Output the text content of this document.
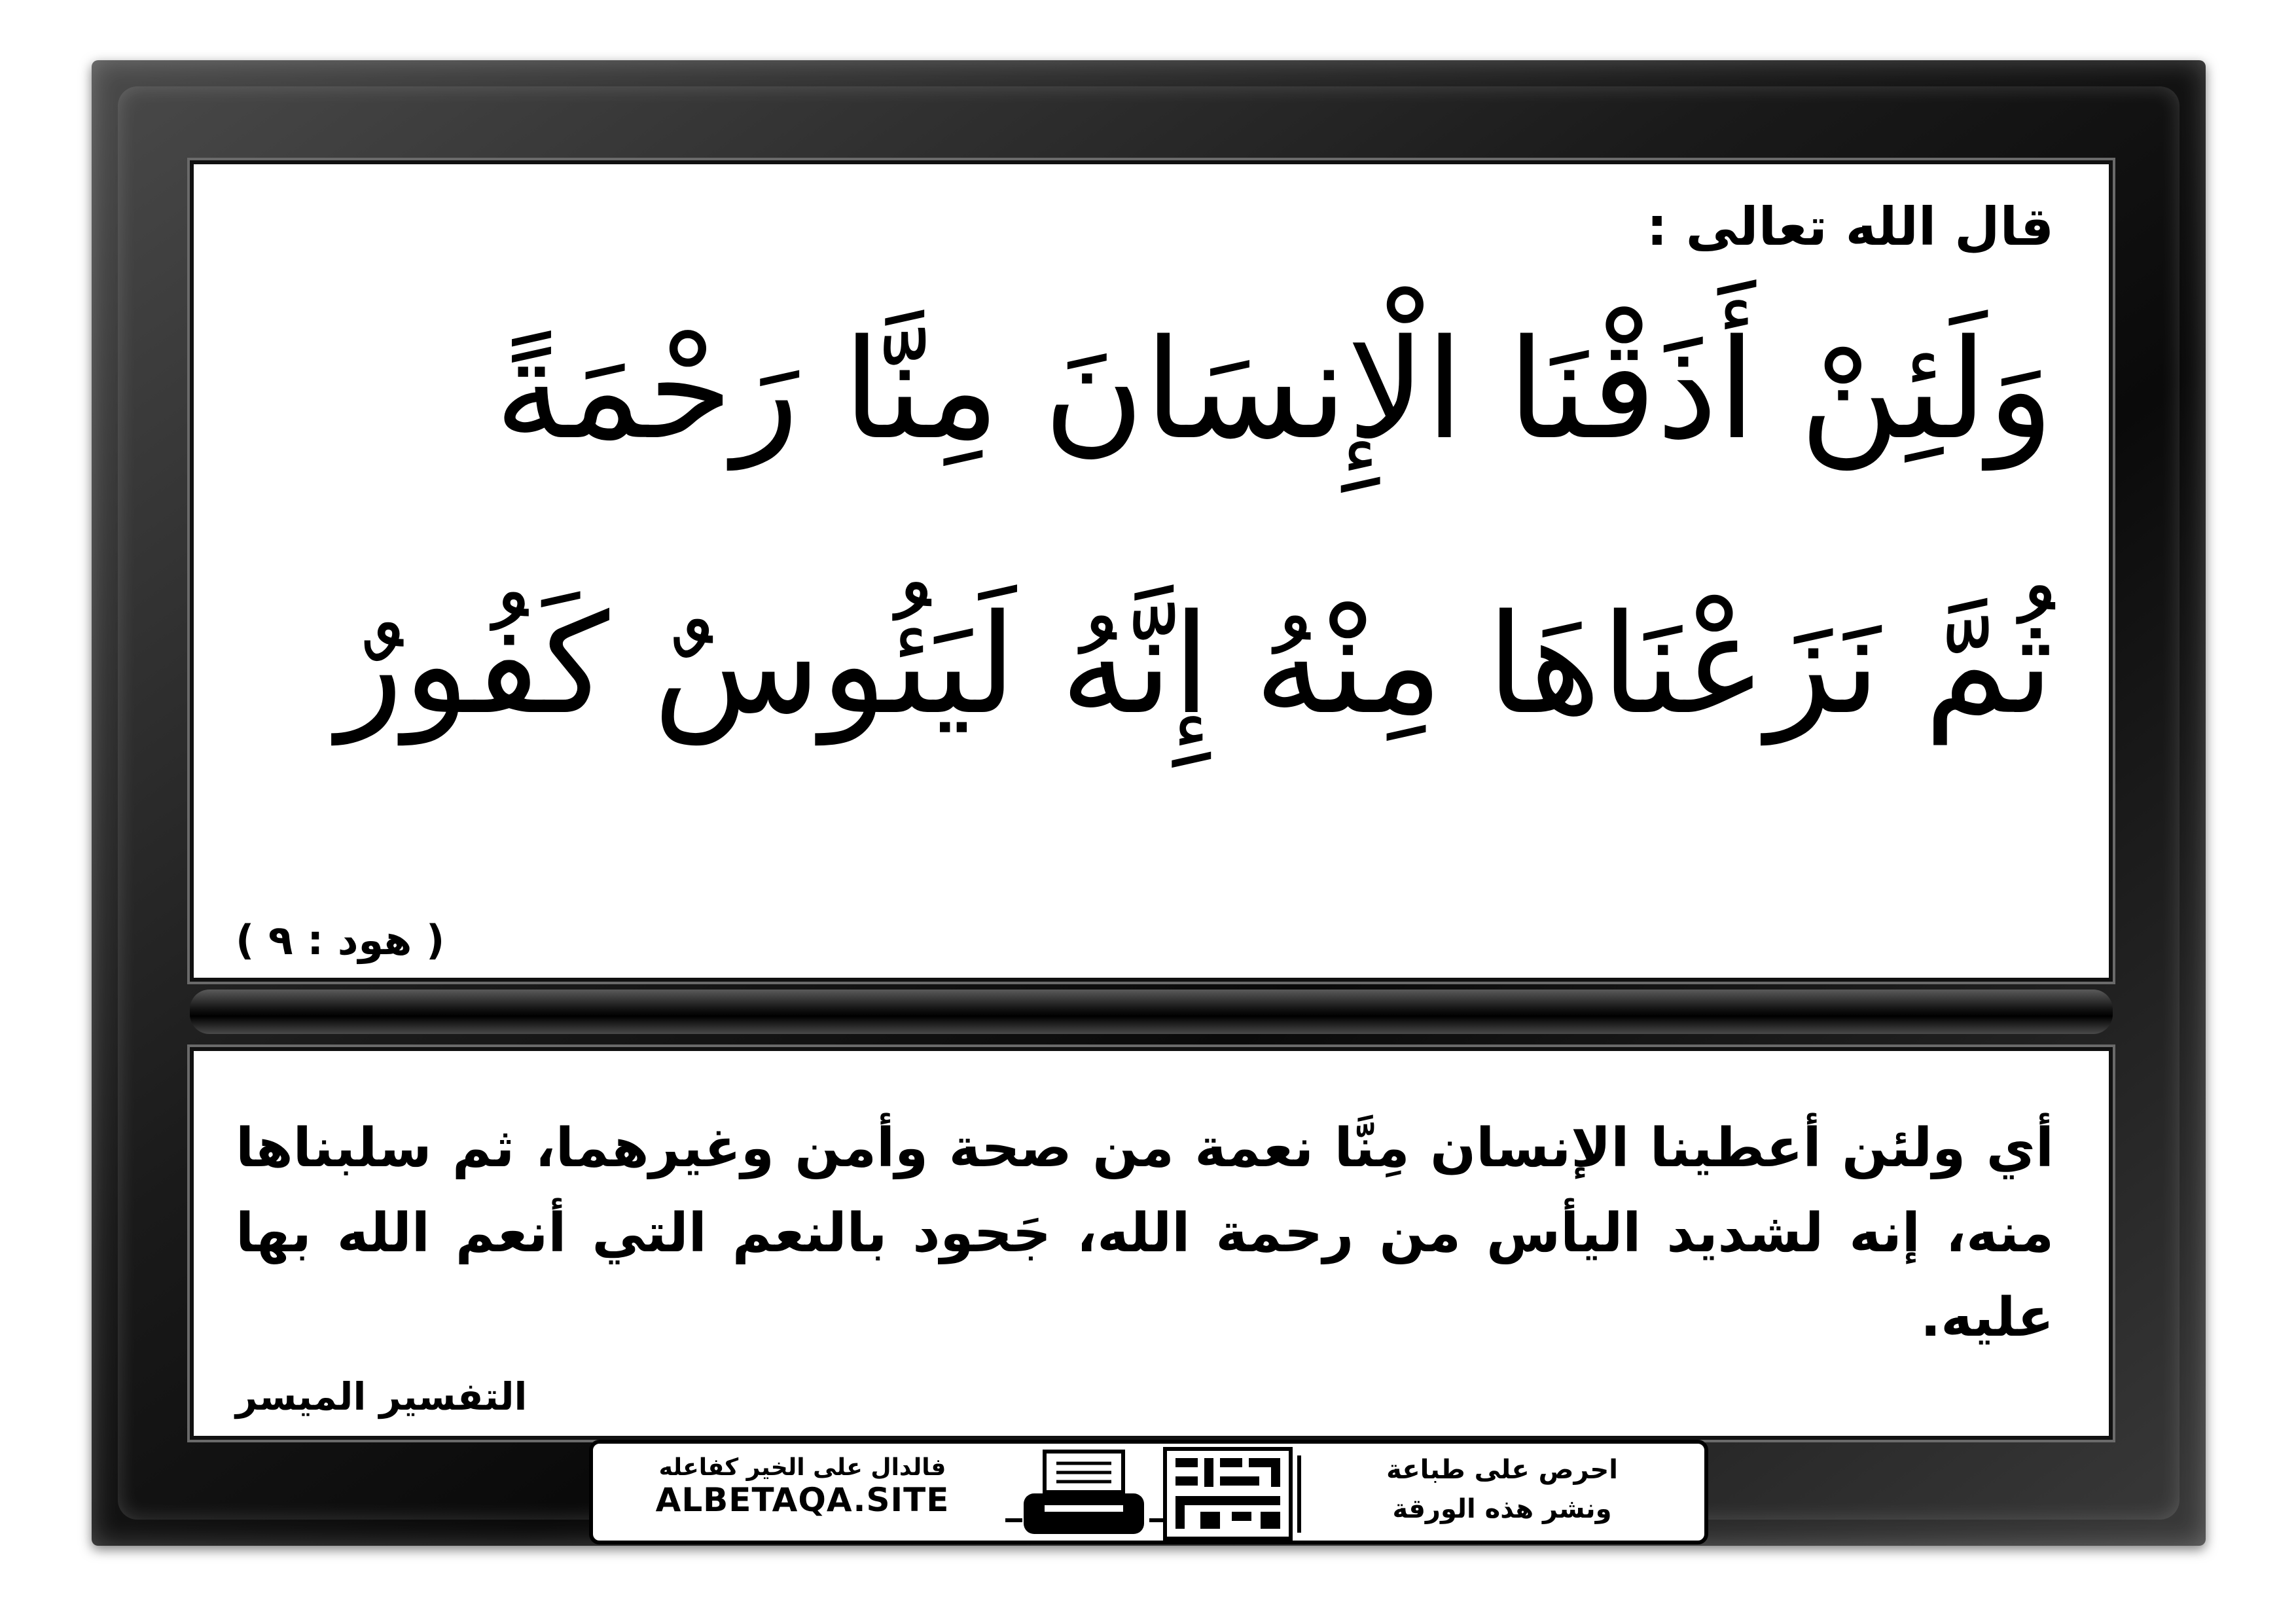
قال الله تعالى :
وَلَئِنْ أَذَقْنَا الْإِنسَانَ مِنَّا رَحْمَةً
ثُمَّ نَزَعْنَاهَا مِنْهُ إِنَّهُ لَيَئُوسٌ كَفُورٌ
( هود : ٩ )
أي ولئن أعطينا الإنسان مِنَّا نعمة من صحة وأمن وغيرهما، ثم سلبناها منه، إنه لشديد اليأس من رحمة الله، جَحود بالنعم التي أنعم الله بها عليه.
التفسير الميسر
فالدال على الخير كفاعله
ALBETAQA.SITE
احرص على طباعة
ونشر هذه الورقة
